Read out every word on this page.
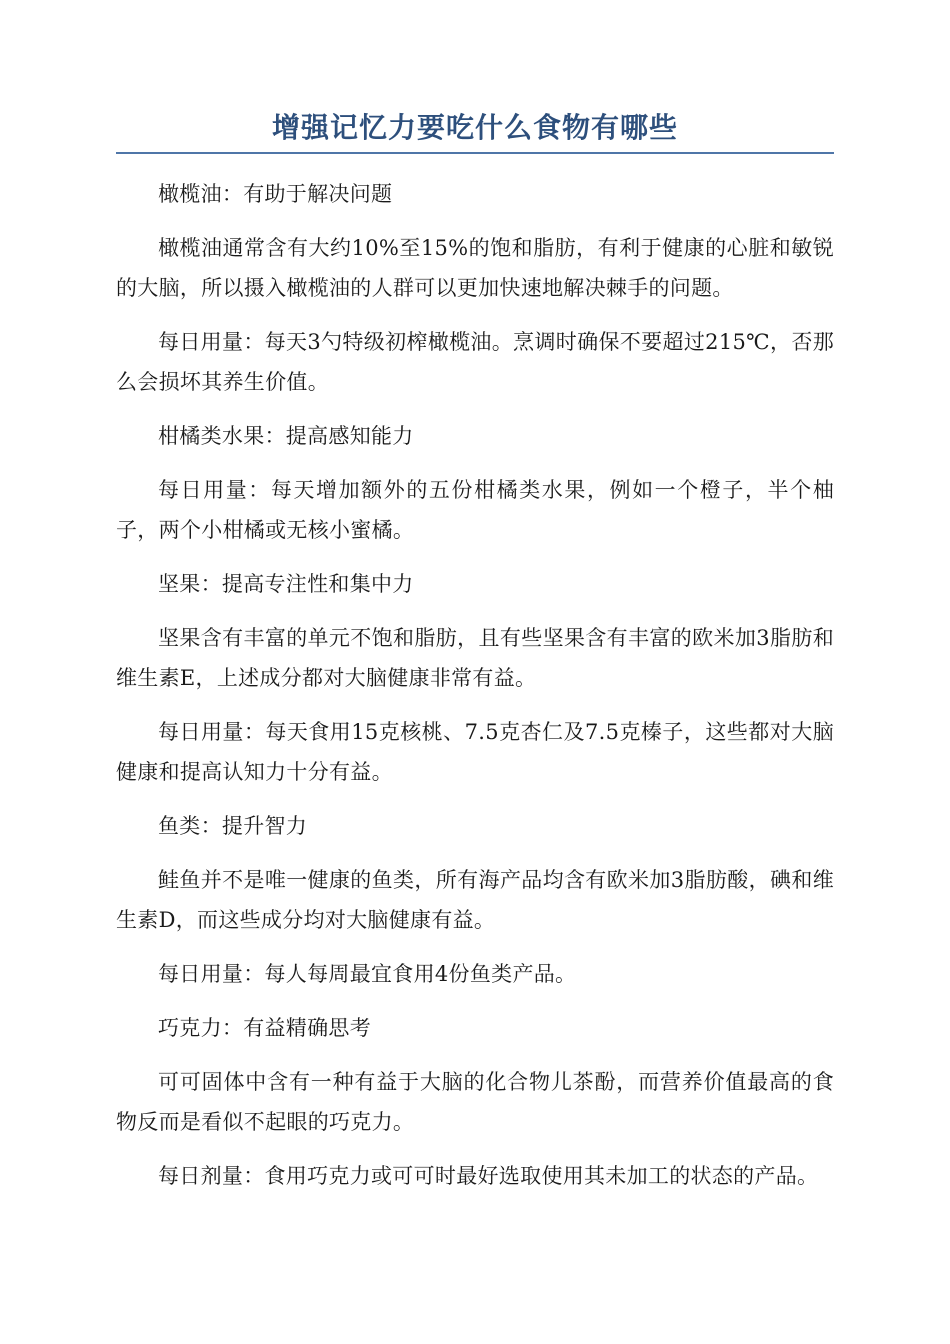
增强记忆力要吃什么食物有哪些

橄榄油：有助于解决问题

橄榄油通常含有大约10%至15%的饱和脂肪，有利于健康的心脏和敏锐的大脑，所以摄入橄榄油的人群可以更加快速地解决棘手的问题。

每日用量：每天3勺特级初榨橄榄油。烹调时确保不要超过215℃，否那么会损坏其养生价值。

柑橘类水果：提高感知能力

每日用量：每天增加额外的五份柑橘类水果，例如一个橙子，半个柚子，两个小柑橘或无核小蜜橘。

坚果：提高专注性和集中力

坚果含有丰富的单元不饱和脂肪，且有些坚果含有丰富的欧米加3脂肪和维生素E，上述成分都对大脑健康非常有益。

每日用量：每天食用15克核桃、7.5克杏仁及7.5克榛子，这些都对大脑健康和提高认知力十分有益。

鱼类：提升智力

鲑鱼并不是唯一健康的鱼类，所有海产品均含有欧米加3脂肪酸，碘和维生素D，而这些成分均对大脑健康有益。

每日用量：每人每周最宜食用4份鱼类产品。

巧克力：有益精确思考

可可固体中含有一种有益于大脑的化合物儿茶酚，而营养价值最高的食物反而是看似不起眼的巧克力。

每日剂量：食用巧克力或可可时最好选取使用其未加工的状态的产品。
